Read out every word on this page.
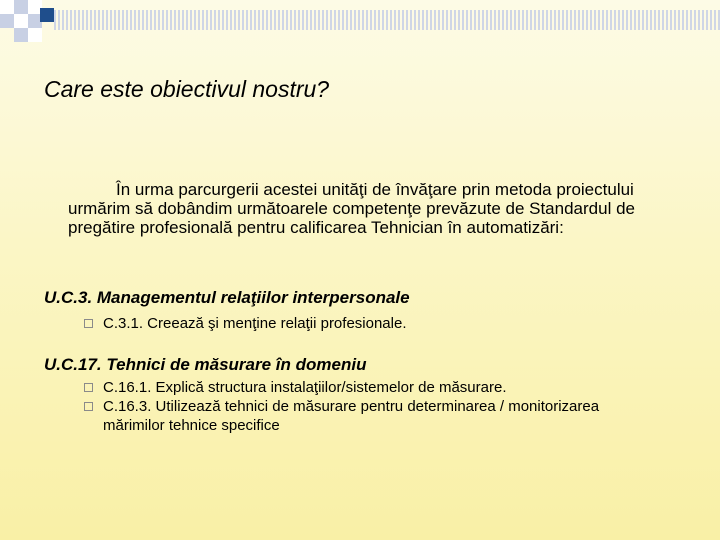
Care este obiectivul nostru?

În urma parcurgerii acestei unităţi de învăţare prin metoda proiectului urmărim să dobândim următoarele competenţe prevăzute de Standardul de pregătire profesională pentru calificarea Tehnician în automatizări:

U.C.3. Managementul relaţiilor interpersonale
C.3.1. Creează şi menţine relaţii profesionale.
U.C.17. Tehnici de măsurare în domeniu
C.16.1. Explică structura instalaţiilor/sistemelor de măsurare.
C.16.3. Utilizează tehnici de măsurare pentru determinarea / monitorizarea mărimilor tehnice specifice
